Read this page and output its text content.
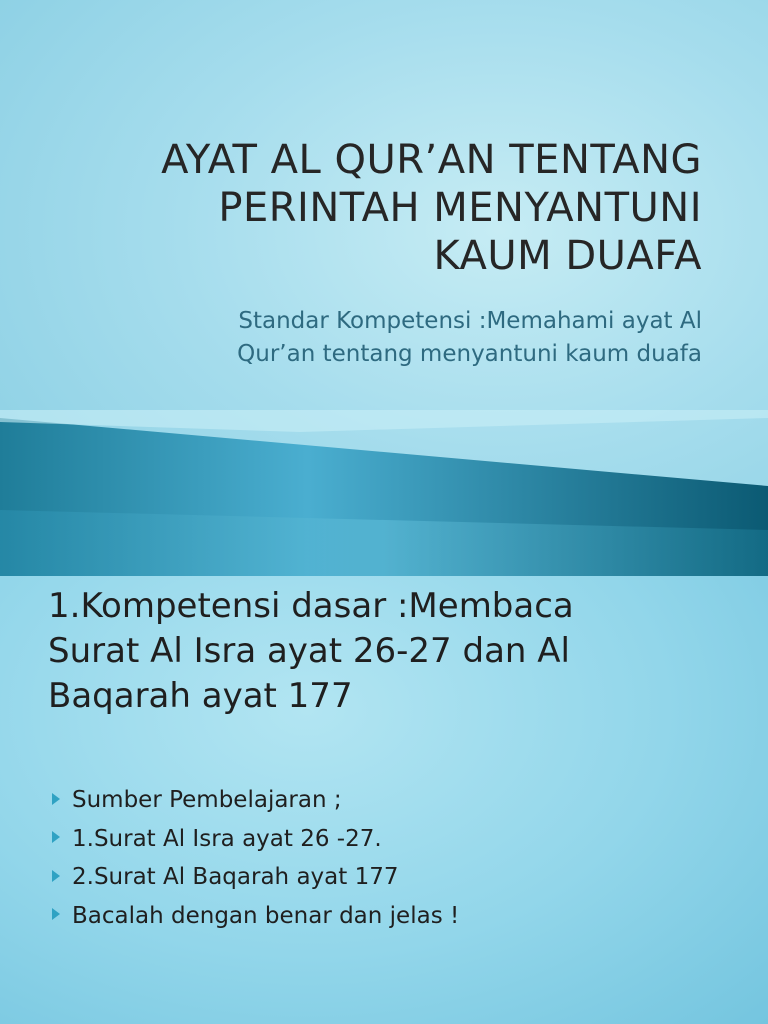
AYAT AL QUR’AN TENTANG
PERINTAH MENYANTUNI
KAUM DUAFA
Standar Kompetensi :Memahami ayat Al
Qur’an tentang menyantuni kaum duafa
1.Kompetensi dasar :Membaca
Surat Al Isra ayat 26-27 dan Al
Baqarah ayat 177
Sumber Pembelajaran ;
1.Surat Al Isra ayat 26 -27.
2.Surat Al Baqarah ayat 177
Bacalah dengan benar dan jelas !
